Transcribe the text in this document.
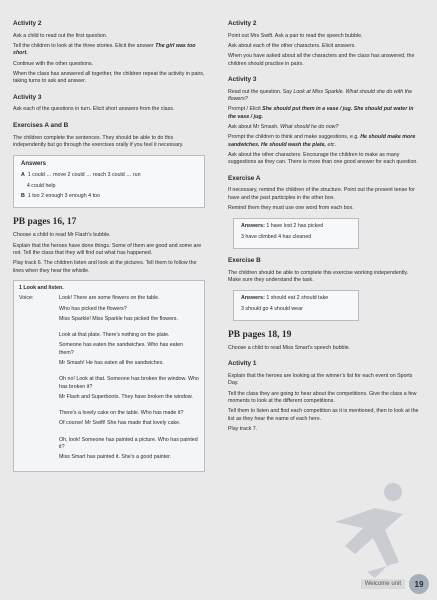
Activity 2

Ask a child to read out the first question.

Tell the children to look at the three stories. Elicit the answer The girl was too short.

Continue with the other questions.

When the class has answered all together, the children repeat the activity in pairs, taking turns to ask and answer.

Activity 3

Ask each of the questions in turn. Elicit short answers from the class.

Exercises A and B

The children complete the sentences. They should be able to do this independently but go through the exercises orally if you feel it necessary.

Answers
A 1 could … move 2 could … reach 3 could … run
4 could help
B 1 too 2 enough 3 enough 4 too
PB pages 16, 17

Choose a child to read Mr Flash’s bubble.

Explain that the heroes have done things. Some of them are good and some are not. Tell the class that they will find out what has happened.

Play track 6. The children listen and look at the pictures. Tell them to follow the lines when they hear the whistle.

1 Look and listen.
Voice:	Look! There are some flowers on the table.

Who has picked the flowers?

Miss Sparkle! Miss Sparkle has picked the flowers.

Look at that plate. There’s nothing on the plate.

Someone has eaten the sandwiches. Who has eaten them?

Mr Smash! He has eaten all the sandwiches.

Oh no! Look at that. Someone has broken the window. Who has broken it?

Mr Flash and Superboots. They have broken the window.

There’s a lovely cake on the table. Who has made it?

Of course! Mr Swift! She has made that lovely cake.

Oh, look! Someone has painted a picture. Who has painted it?

Miss Smart has painted it. She’s a good painter.

Activity 2

Point out Mrs Swift. Ask a pair to read the speech bubble.

Ask about each of the other characters. Elicit answers.

When you have asked about all the characters and the class has answered, the children should practise in pairs.

Activity 3

Read out the question. Say Look at Miss Sparkle. What should she do with the flowers?

Prompt / Elicit She should put them in a vase / jug. She should put water in the vase / jug.

Ask about Mr Smash. What should he do now?

Prompt the children to think and make suggestions, e.g. He should make more sandwiches. He should wash the plate, etc.

Ask about the other characters. Encourage the children to make as many suggestions as they can. There is more than one good answer for each question.

Exercise A

If necessary, remind the children of the structure. Point out the present tense for have and the past participles in the other box.

Remind them they must use one word from each box.

Answers: 1 have lost 2 has picked
3 have climbed 4 has cleaned
Exercise B

The children should be able to complete this exercise working independently. Make sure they understand the task.

Answers: 1 should eat 2 should take
3 should go 4 should wear
PB pages 18, 19

Choose a child to read Miss Smart’s speech bubble.

Activity 1

Explain that the heroes are looking at the winner’s list for each event on Sports Day.

Tell the class they are going to hear about the competitions. Give the class a few moments to look at the different competitions.

Tell them to listen and find each competition as it is mentioned, then to look at the list as they hear the name of each hero.

Play track 7.

Welcome unit	19
